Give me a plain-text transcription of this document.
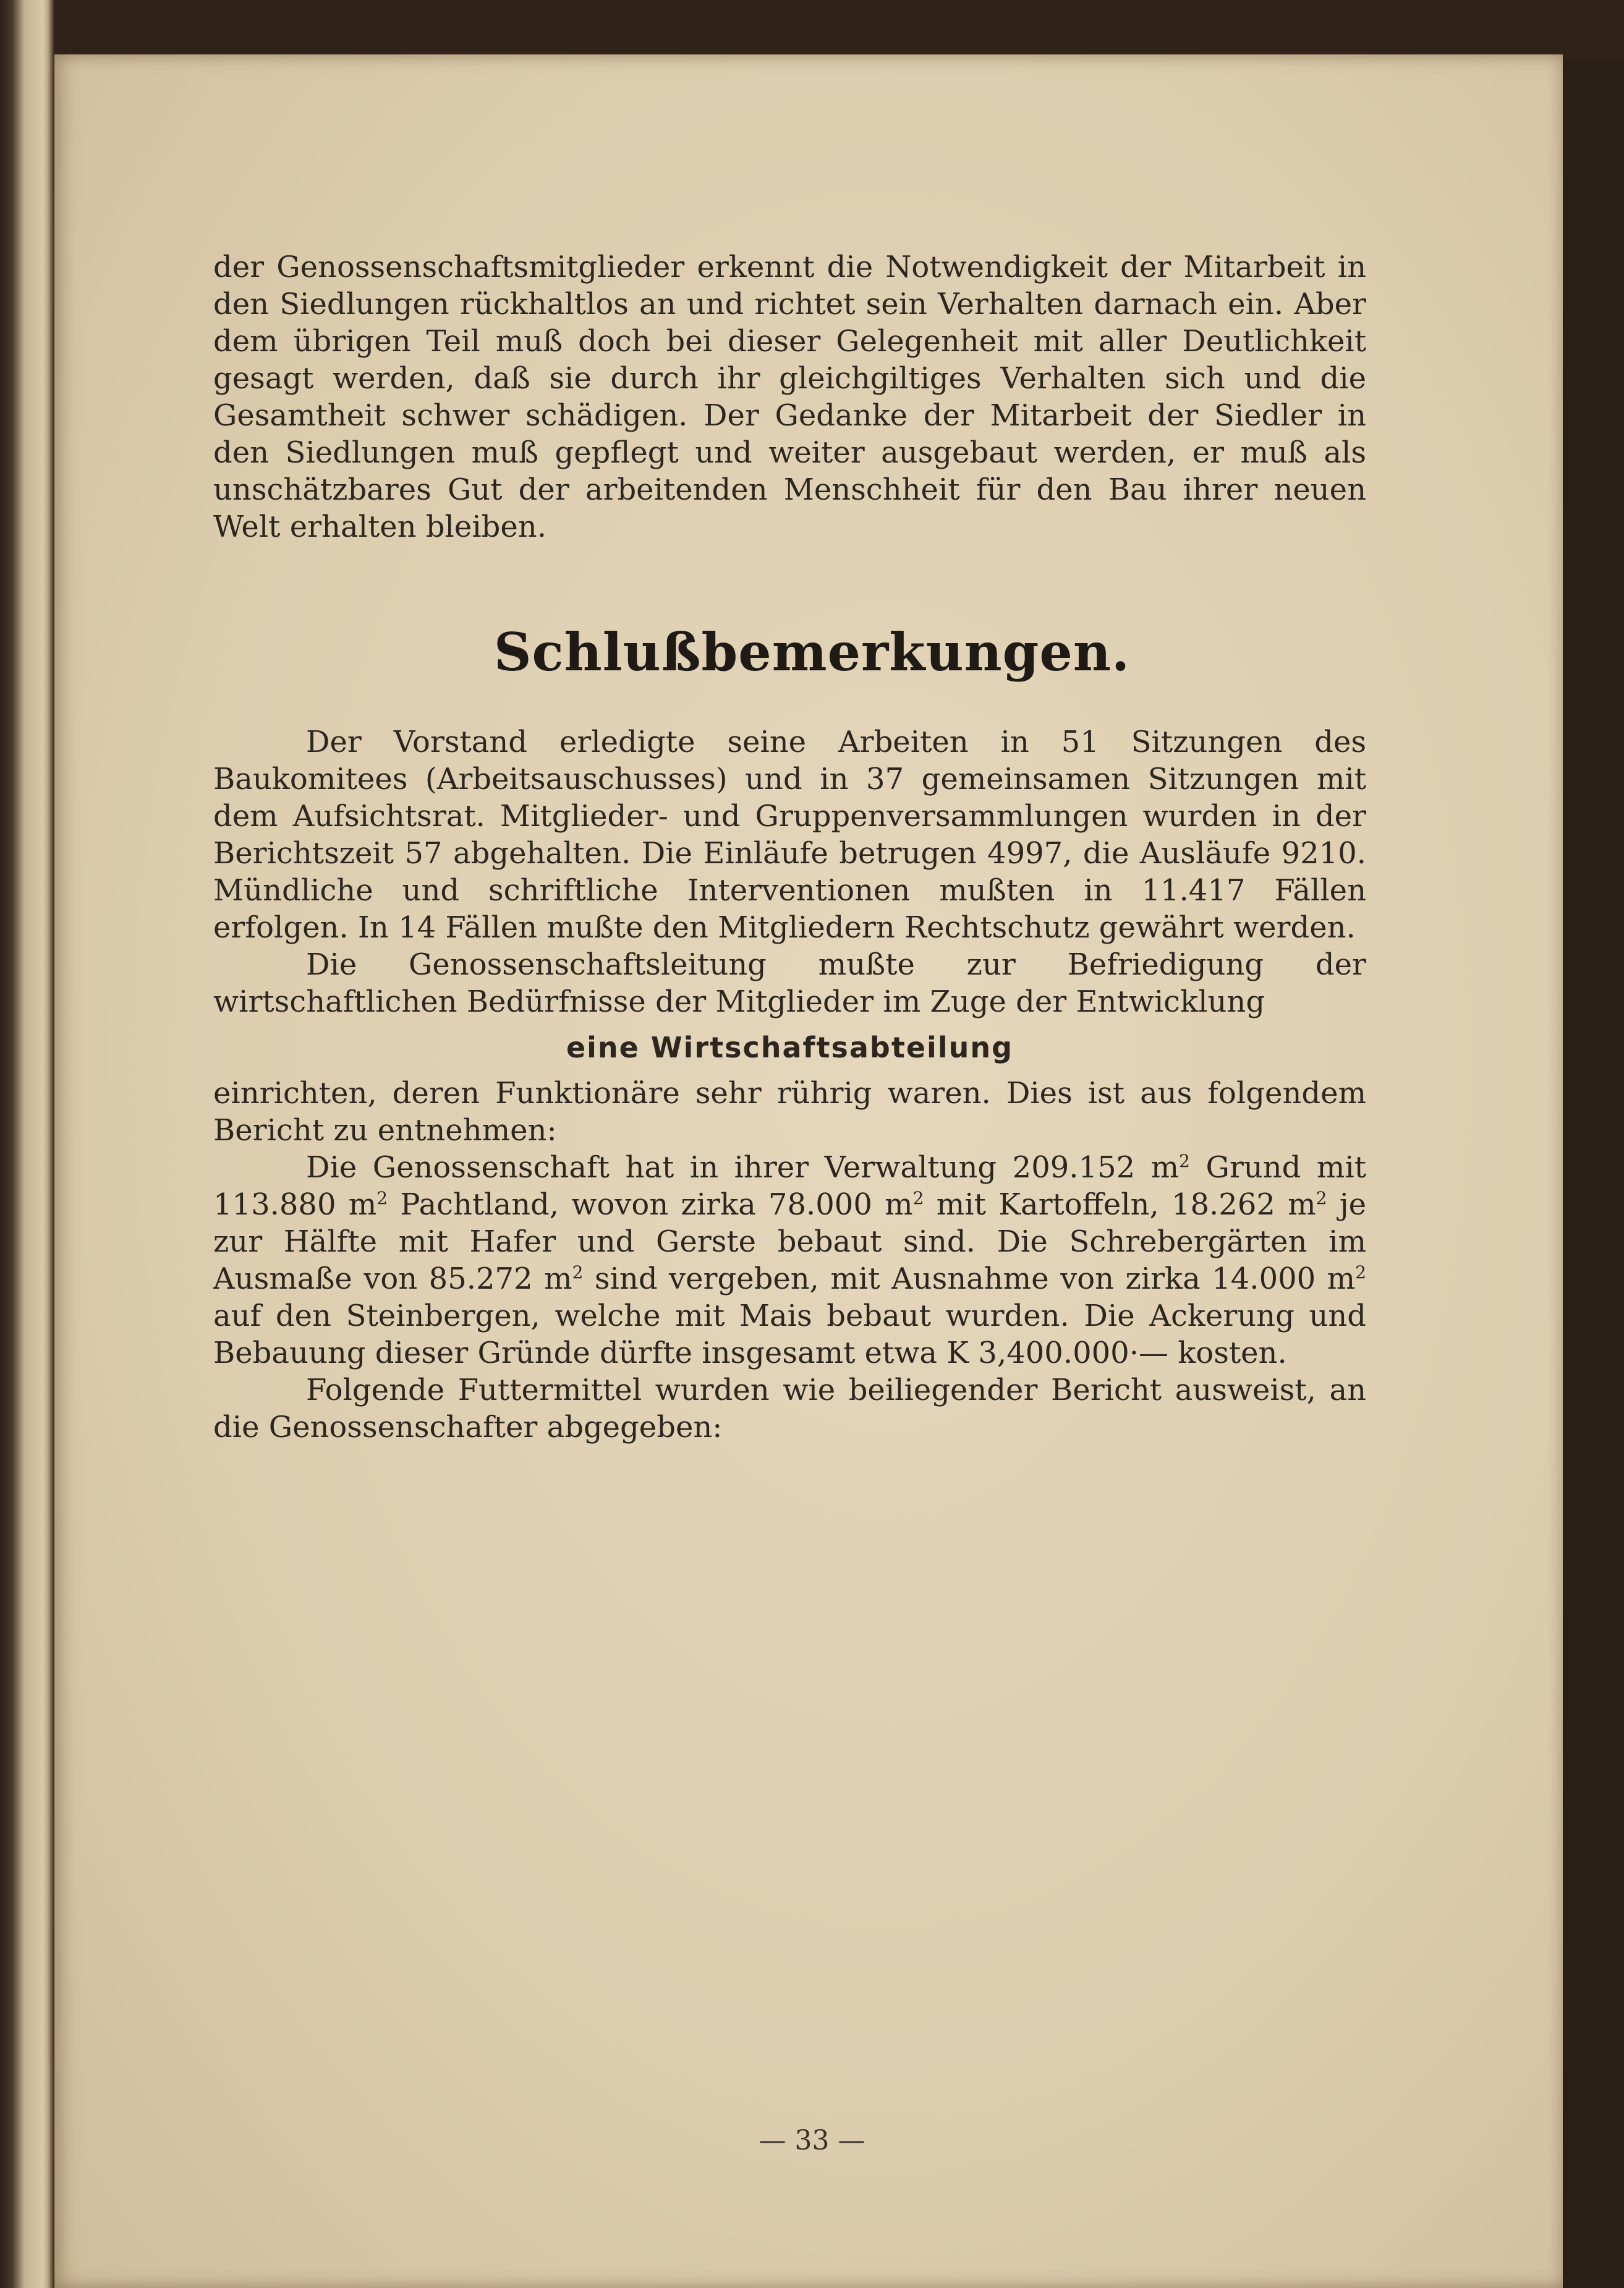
der Genossenschaftsmitglieder erkennt die Notwendigkeit der Mitarbeit in den Siedlungen rückhaltlos an und richtet sein Verhalten darnach ein. Aber dem übrigen Teil muß doch bei dieser Gelegenheit mit aller Deutlichkeit gesagt werden, daß sie durch ihr gleichgiltiges Verhalten sich und die Gesamtheit schwer schädigen. Der Gedanke der Mitarbeit der Siedler in den Siedlungen muß gepflegt und weiter ausgebaut werden, er muß als unschätzbares Gut der arbeitenden Menschheit für den Bau ihrer neuen Welt erhalten bleiben.

Schlußbemerkungen.

Der Vorstand erledigte seine Arbeiten in 51 Sitzungen des Baukomitees (Arbeitsauschusses) und in 37 gemeinsamen Sitzungen mit dem Aufsichtsrat. Mitglieder- und Gruppenversammlungen wurden in der Berichtszeit 57 abgehalten. Die Einläufe betrugen 4997, die Ausläufe 9210. Mündliche und schriftliche Interventionen mußten in 11.417 Fällen erfolgen. In 14 Fällen mußte den Mitgliedern Rechtschutz gewährt werden.

Die Genossenschaftsleitung mußte zur Befriedigung der wirtschaftlichen Bedürfnisse der Mitglieder im Zuge der Entwicklung

eine Wirtschaftsabteilung

einrichten, deren Funktionäre sehr rührig waren. Dies ist aus folgendem Bericht zu entnehmen:

Die Genossenschaft hat in ihrer Verwaltung 209.152 $m^2$ Grund mit 113.880 $m^2$ Pachtland, wovon zirka 78.000 $m^2$ mit Kartoffeln, 18.262 $m^2$ je zur Hälfte mit Hafer und Gerste bebaut sind. Die Schrebergärten im Ausmaße von 85.272 $m^2$ sind vergeben, mit Ausnahme von zirka 14.000 $m^2$ auf den Steinbergen, welche mit Mais bebaut wurden. Die Ackerung und Bebauung dieser Gründe dürfte insgesamt etwa K 3,400.000·— kosten.

Folgende Futtermittel wurden wie beiliegender Bericht ausweist, an die Genossenschafter abgegeben:

— 33 —
